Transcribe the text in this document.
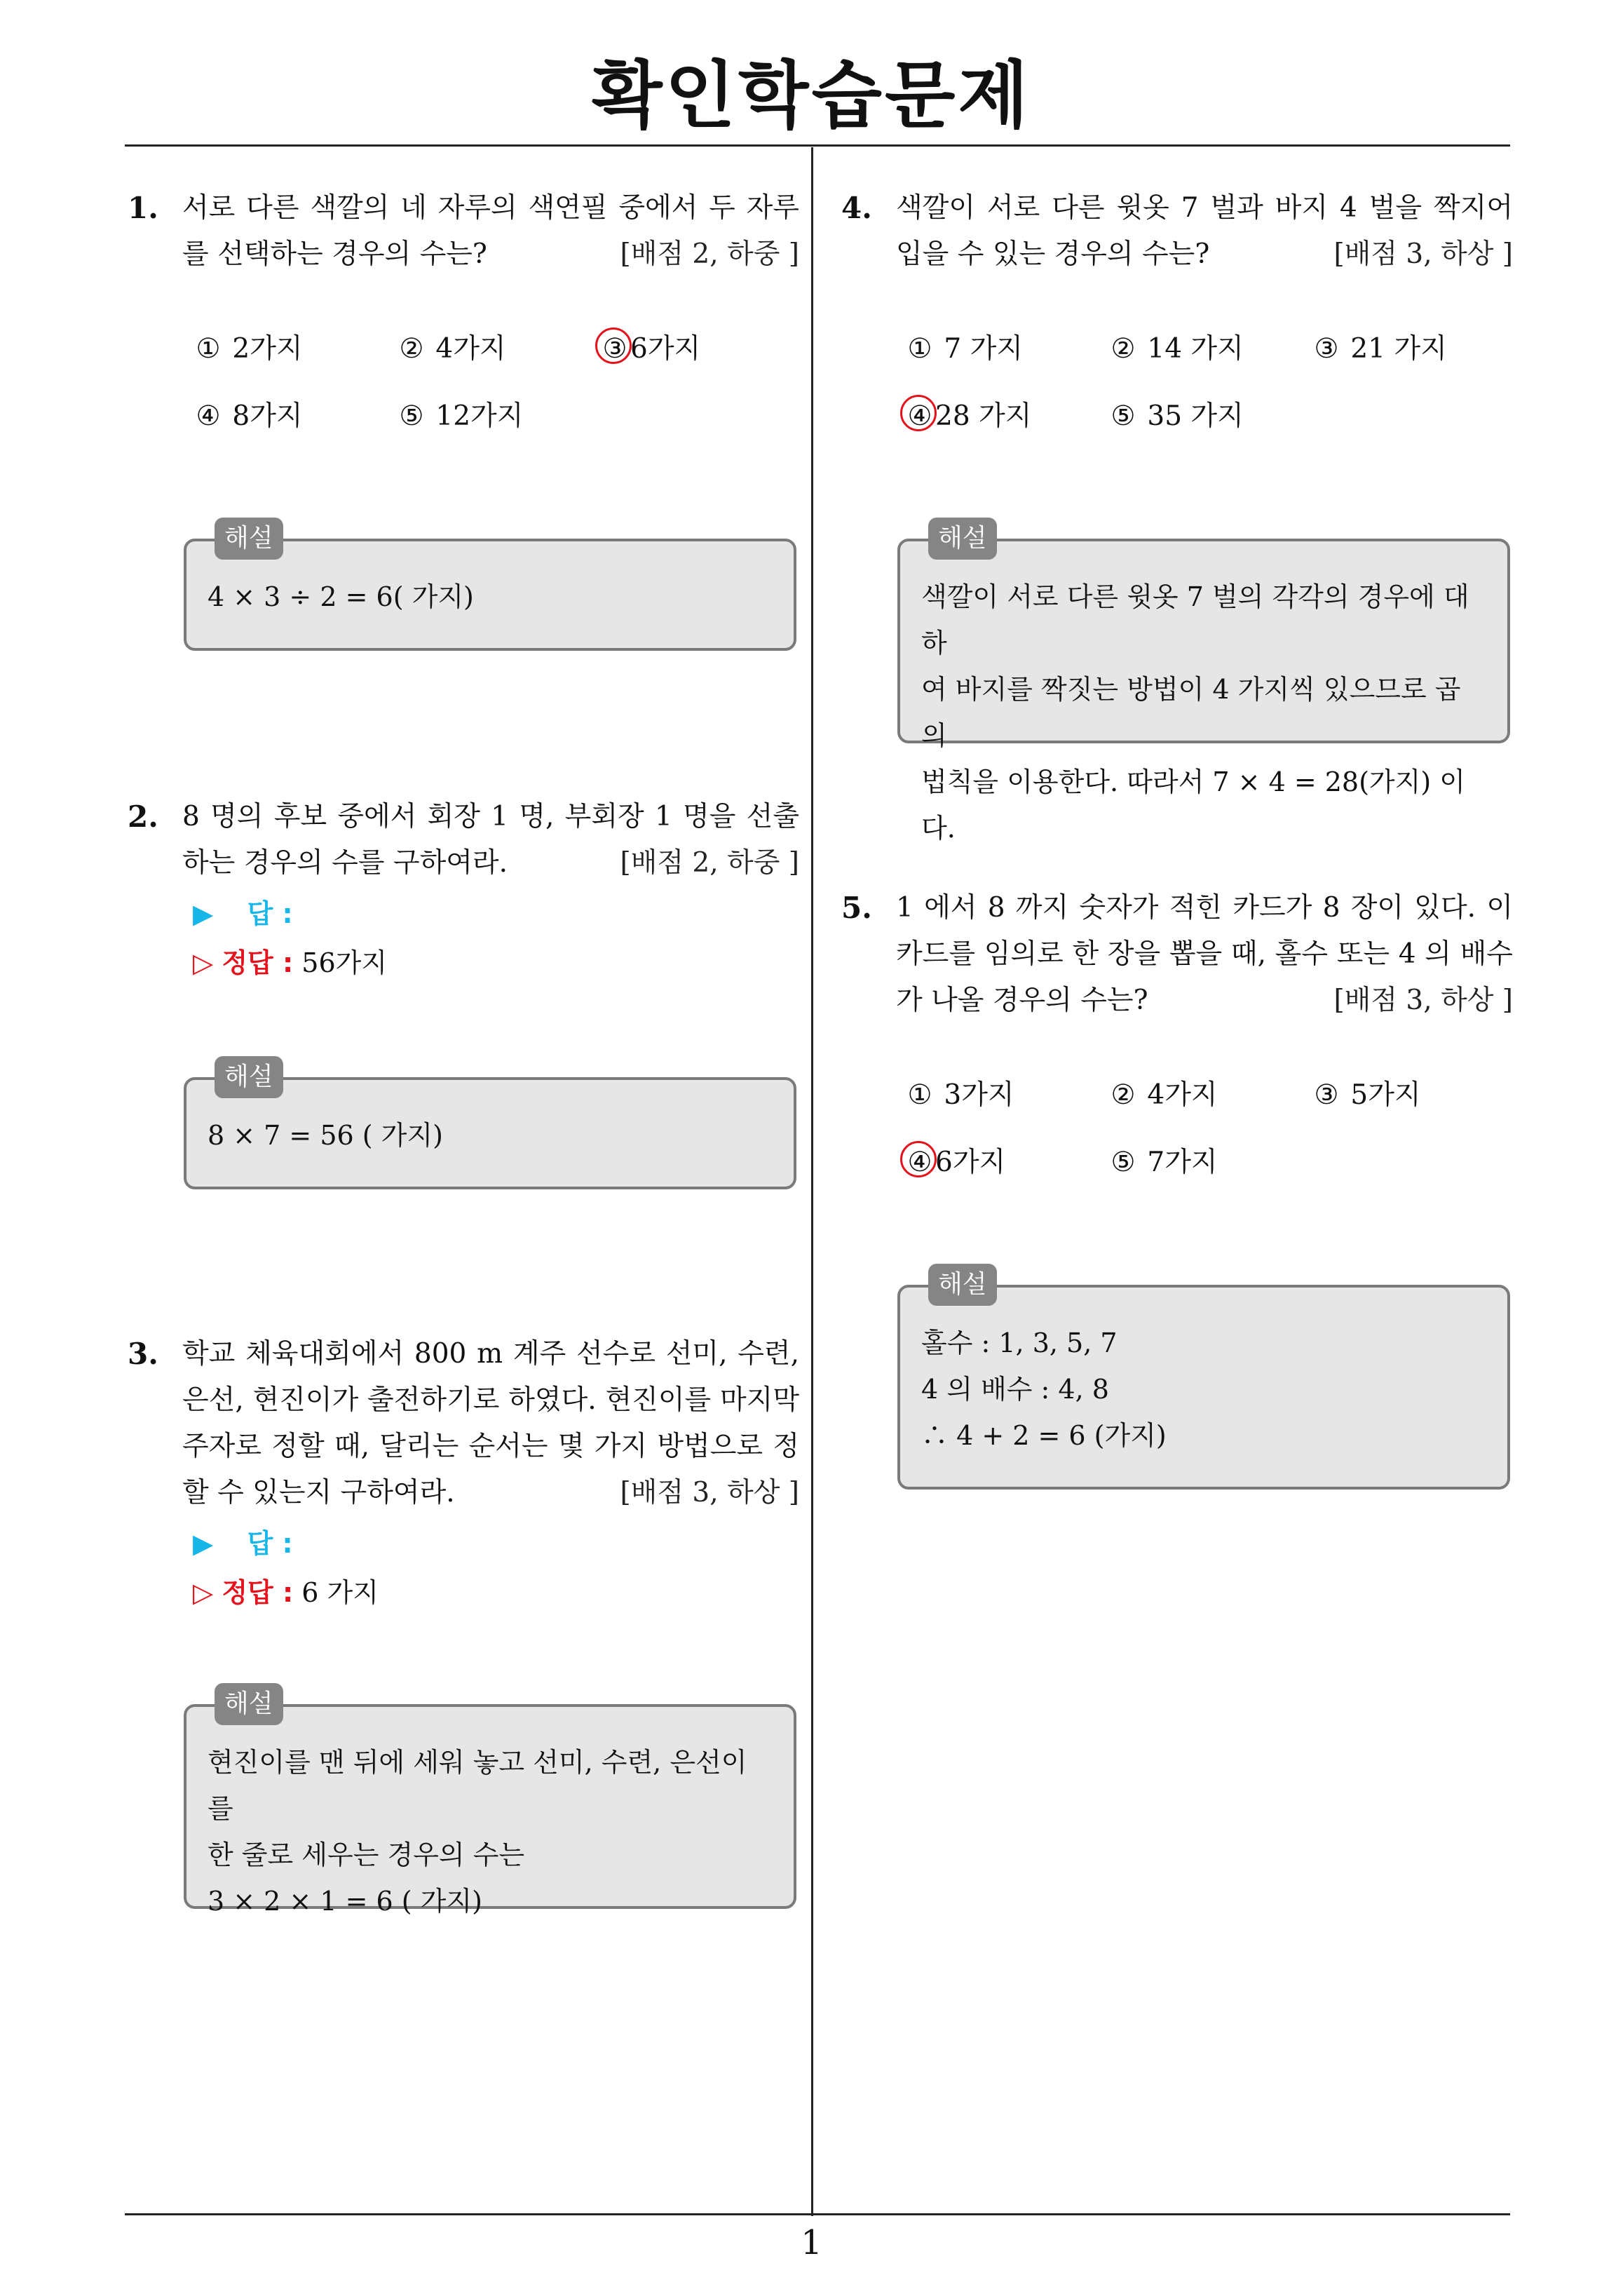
확인학습문제
1
1. 서로 다른 색깔의 네 자루의 색연필 중에서 두 자루를 선택하는 경우의 수는?	[배점 2, 하중 ]
① 2가지	② 4가지	③ 6가지
④ 8가지	⑤ 12가지
해설
4 × 3 ÷ 2 = 6( 가지)
2. 8 명의 후보 중에서 회장 1 명, 부회장 1 명을 선출하는 경우의 수를 구하여라.	[배점 2, 하중 ]
▶ 답 :
▷ 정답 : 56가지
해설
8 × 7 = 56 ( 가지)
3. 학교 체육대회에서 800 m 계주 선수로 선미, 수련, 은선, 현진이가 출전하기로 하였다. 현진이를 마지막 주자로 정할 때, 달리는 순서는 몇 가지 방법으로 정할 수 있는지 구하여라.	[배점 3, 하상 ]
▶ 답 :
▷ 정답 : 6 가지
해설
현진이를 맨 뒤에 세워 놓고 선미, 수련, 은선이를
한 줄로 세우는 경우의 수는
3 × 2 × 1 = 6 ( 가지)
4. 색깔이 서로 다른 윗옷 7 벌과 바지 4 벌을 짝지어 입을 수 있는 경우의 수는?	[배점 3, 하상 ]
① 7 가지	② 14 가지	③ 21 가지
④ 28 가지	⑤ 35 가지
해설
색깔이 서로 다른 윗옷 7 벌의 각각의 경우에 대하
여 바지를 짝짓는 방법이 4 가지씩 있으므로 곱의
법칙을 이용한다. 따라서 7 × 4 = 28(가지) 이다.
5. 1 에서 8 까지 숫자가 적힌 카드가 8 장이 있다. 이 카드를 임의로 한 장을 뽑을 때, 홀수 또는 4 의 배수가 나올 경우의 수는?	[배점 3, 하상 ]
① 3가지	② 4가지	③ 5가지
④ 6가지	⑤ 7가지
해설
홀수 : 1, 3, 5, 7
4 의 배수 : 4, 8
∴ 4 + 2 = 6 (가지)
